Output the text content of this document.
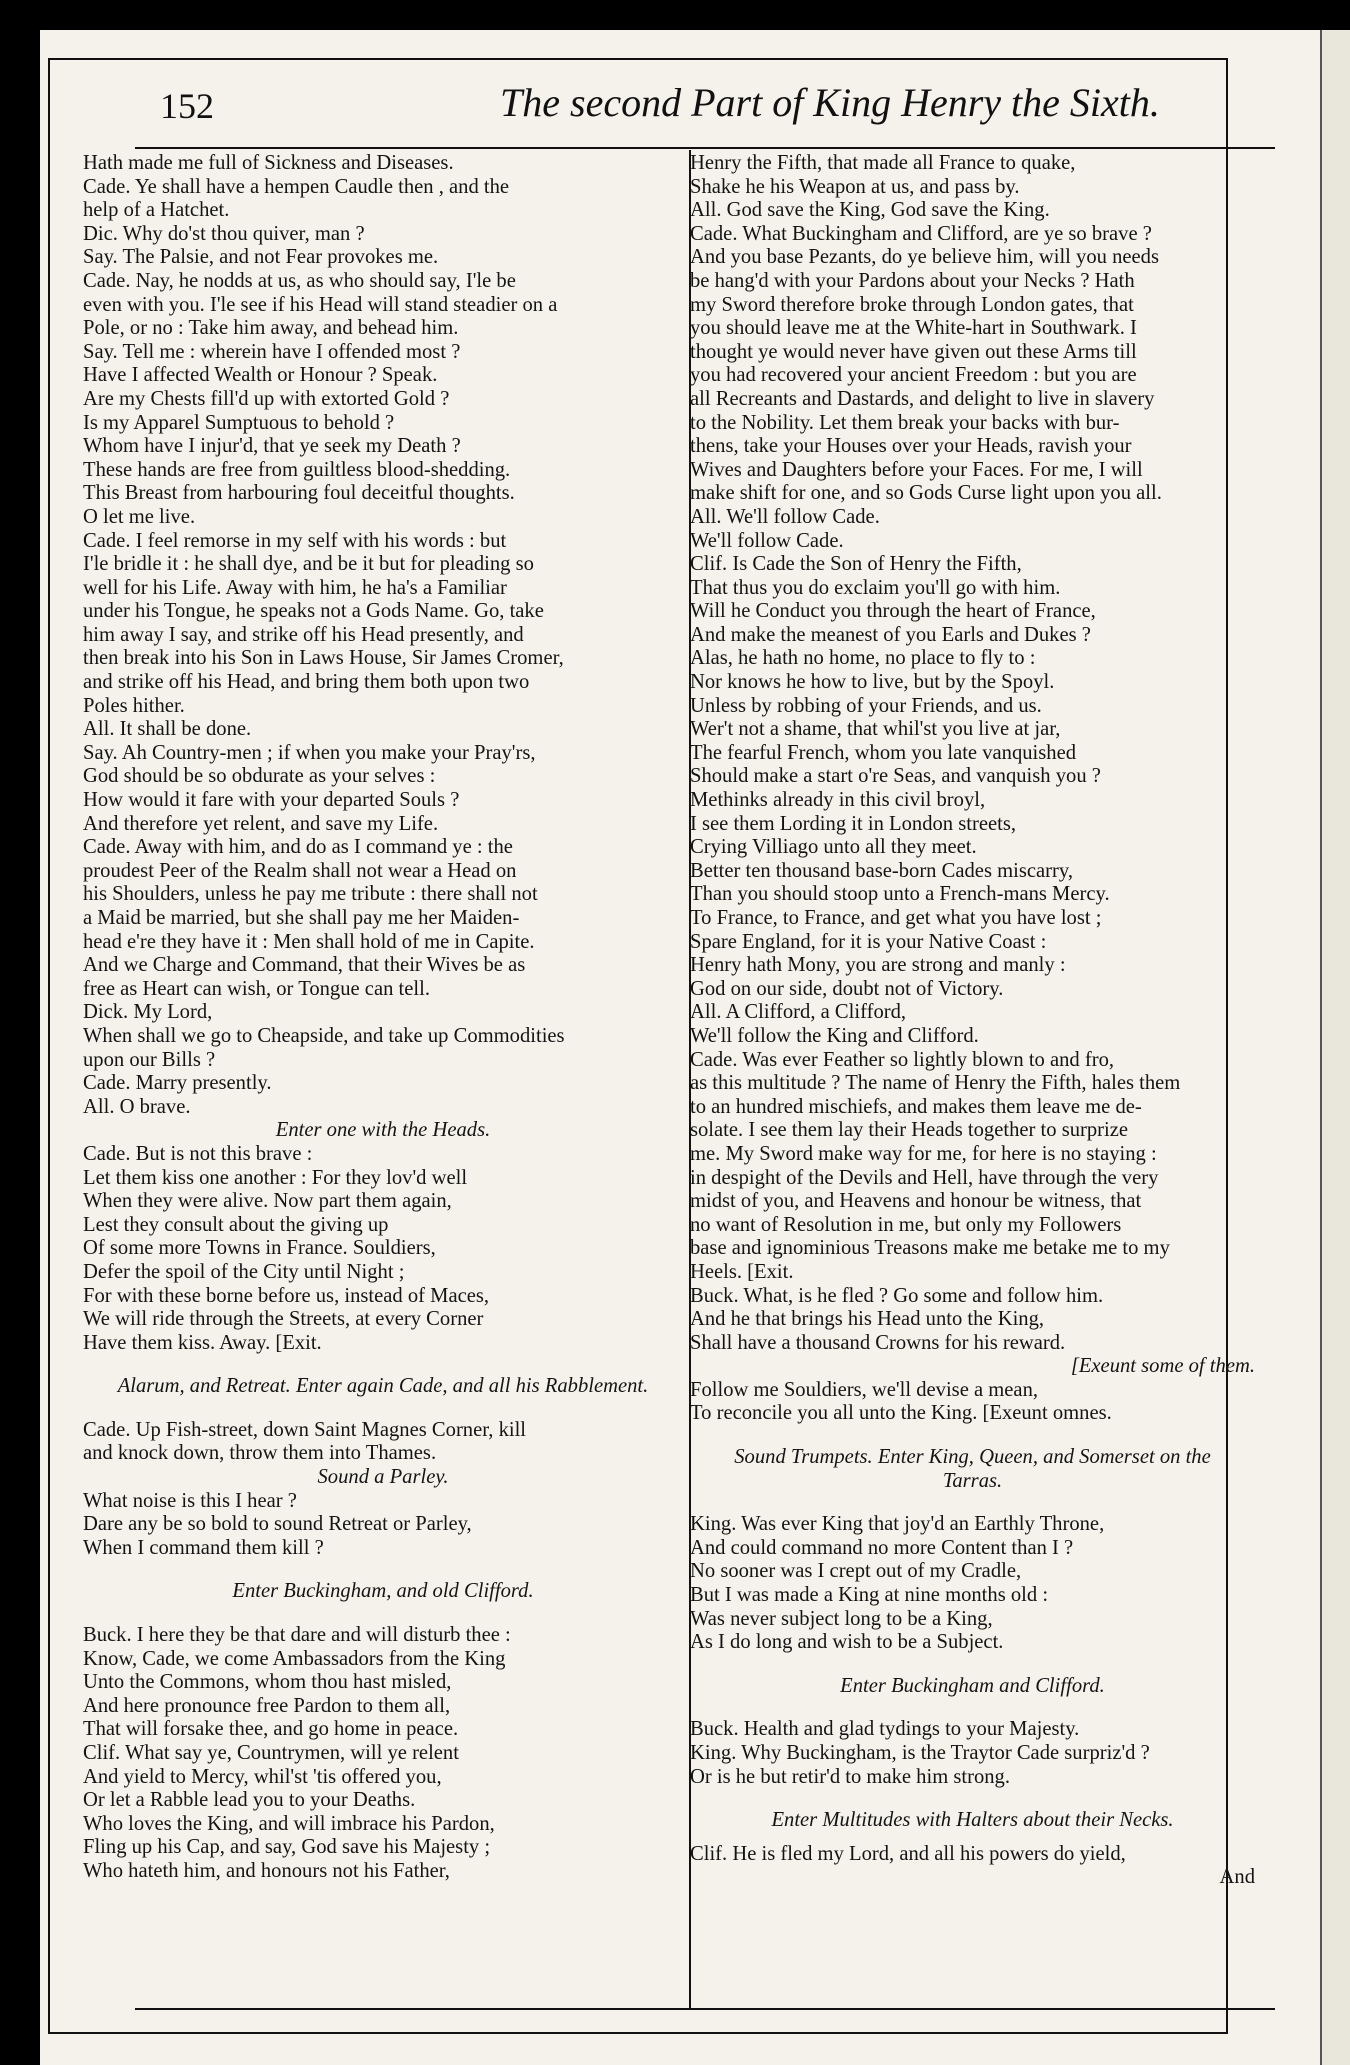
152	The second Part of King Henry the Sixth.

Hath made me full of Sickness and Diseases.

Cade. Ye shall have a hempen Caudle then , and the

help of a Hatchet.

Dic. Why do'st thou quiver, man ?

Say. The Palsie, and not Fear provokes me.

Cade. Nay, he nodds at us, as who should say, I'le be

even with you. I'le see if his Head will stand steadier on a

Pole, or no : Take him away, and behead him.

Say. Tell me : wherein have I offended most ?

Have I affected Wealth or Honour ? Speak.

Are my Chests fill'd up with extorted Gold ?

Is my Apparel Sumptuous to behold ?

Whom have I injur'd, that ye seek my Death ?

These hands are free from guiltless blood-shedding.

This Breast from harbouring foul deceitful thoughts.

O let me live.

Cade. I feel remorse in my self with his words : but

I'le bridle it : he shall dye, and be it but for pleading so

well for his Life. Away with him, he ha's a Familiar

under his Tongue, he speaks not a Gods Name. Go, take

him away I say, and strike off his Head presently, and

then break into his Son in Laws House, Sir James Cromer,

and strike off his Head, and bring them both upon two

Poles hither.

All. It shall be done.

Say. Ah Country-men ; if when you make your Pray'rs,

God should be so obdurate as your selves :

How would it fare with your departed Souls ?

And therefore yet relent, and save my Life.

Cade. Away with him, and do as I command ye : the

proudest Peer of the Realm shall not wear a Head on

his Shoulders, unless he pay me tribute : there shall not

a Maid be married, but she shall pay me her Maiden-

head e're they have it : Men shall hold of me in Capite.

And we Charge and Command, that their Wives be as

free as Heart can wish, or Tongue can tell.

Dick. My Lord,

When shall we go to Cheapside, and take up Commodities

upon our Bills ?

Cade. Marry presently.

All. O brave.

Enter one with the Heads.

Cade. But is not this brave :

Let them kiss one another : For they lov'd well

When they were alive. Now part them again,

Lest they consult about the giving up

Of some more Towns in France. Souldiers,

Defer the spoil of the City until Night ;

For with these borne before us, instead of Maces,

We will ride through the Streets, at every Corner

Have them kiss. Away. [Exit.

Alarum, and Retreat. Enter again Cade, and all his Rabblement.

Cade. Up Fish-street, down Saint Magnes Corner, kill

and knock down, throw them into Thames.

Sound a Parley.

What noise is this I hear ?

Dare any be so bold to sound Retreat or Parley,

When I command them kill ?

Enter Buckingham, and old Clifford.

Buck. I here they be that dare and will disturb thee :

Know, Cade, we come Ambassadors from the King

Unto the Commons, whom thou hast misled,

And here pronounce free Pardon to them all,

That will forsake thee, and go home in peace.

Clif. What say ye, Countrymen, will ye relent

And yield to Mercy, whil'st 'tis offered you,

Or let a Rabble lead you to your Deaths.

Who loves the King, and will imbrace his Pardon,

Fling up his Cap, and say, God save his Majesty ;

Who hateth him, and honours not his Father,

Henry the Fifth, that made all France to quake,

Shake he his Weapon at us, and pass by.

All. God save the King, God save the King.

Cade. What Buckingham and Clifford, are ye so brave ?

And you base Pezants, do ye believe him, will you needs

be hang'd with your Pardons about your Necks ? Hath

my Sword therefore broke through London gates, that

you should leave me at the White-hart in Southwark. I

thought ye would never have given out these Arms till

you had recovered your ancient Freedom : but you are

all Recreants and Dastards, and delight to live in slavery

to the Nobility. Let them break your backs with bur-

thens, take your Houses over your Heads, ravish your

Wives and Daughters before your Faces. For me, I will

make shift for one, and so Gods Curse light upon you all.

All. We'll follow Cade.

We'll follow Cade.

Clif. Is Cade the Son of Henry the Fifth,

That thus you do exclaim you'll go with him.

Will he Conduct you through the heart of France,

And make the meanest of you Earls and Dukes ?

Alas, he hath no home, no place to fly to :

Nor knows he how to live, but by the Spoyl.

Unless by robbing of your Friends, and us.

Wer't not a shame, that whil'st you live at jar,

The fearful French, whom you late vanquished

Should make a start o're Seas, and vanquish you ?

Methinks already in this civil broyl,

I see them Lording it in London streets,

Crying Villiago unto all they meet.

Better ten thousand base-born Cades miscarry,

Than you should stoop unto a French-mans Mercy.

To France, to France, and get what you have lost ;

Spare England, for it is your Native Coast :

Henry hath Mony, you are strong and manly :

God on our side, doubt not of Victory.

All. A Clifford, a Clifford,

We'll follow the King and Clifford.

Cade. Was ever Feather so lightly blown to and fro,

as this multitude ? The name of Henry the Fifth, hales them

to an hundred mischiefs, and makes them leave me de-

solate. I see them lay their Heads together to surprize

me. My Sword make way for me, for here is no staying :

in despight of the Devils and Hell, have through the very

midst of you, and Heavens and honour be witness, that

no want of Resolution in me, but only my Followers

base and ignominious Treasons make me betake me to my

Heels. [Exit.

Buck. What, is he fled ? Go some and follow him.

And he that brings his Head unto the King,

Shall have a thousand Crowns for his reward.

[Exeunt some of them.

Follow me Souldiers, we'll devise a mean,

To reconcile you all unto the King. [Exeunt omnes.

Sound Trumpets. Enter King, Queen, and Somerset on the

Tarras.

King. Was ever King that joy'd an Earthly Throne,

And could command no more Content than I ?

No sooner was I crept out of my Cradle,

But I was made a King at nine months old :

Was never subject long to be a King,

As I do long and wish to be a Subject.

Enter Buckingham and Clifford.

Buck. Health and glad tydings to your Majesty.

King. Why Buckingham, is the Traytor Cade surpriz'd ?

Or is he but retir'd to make him strong.

Enter Multitudes with Halters about their Necks.

Clif. He is fled my Lord, and all his powers do yield,

And
